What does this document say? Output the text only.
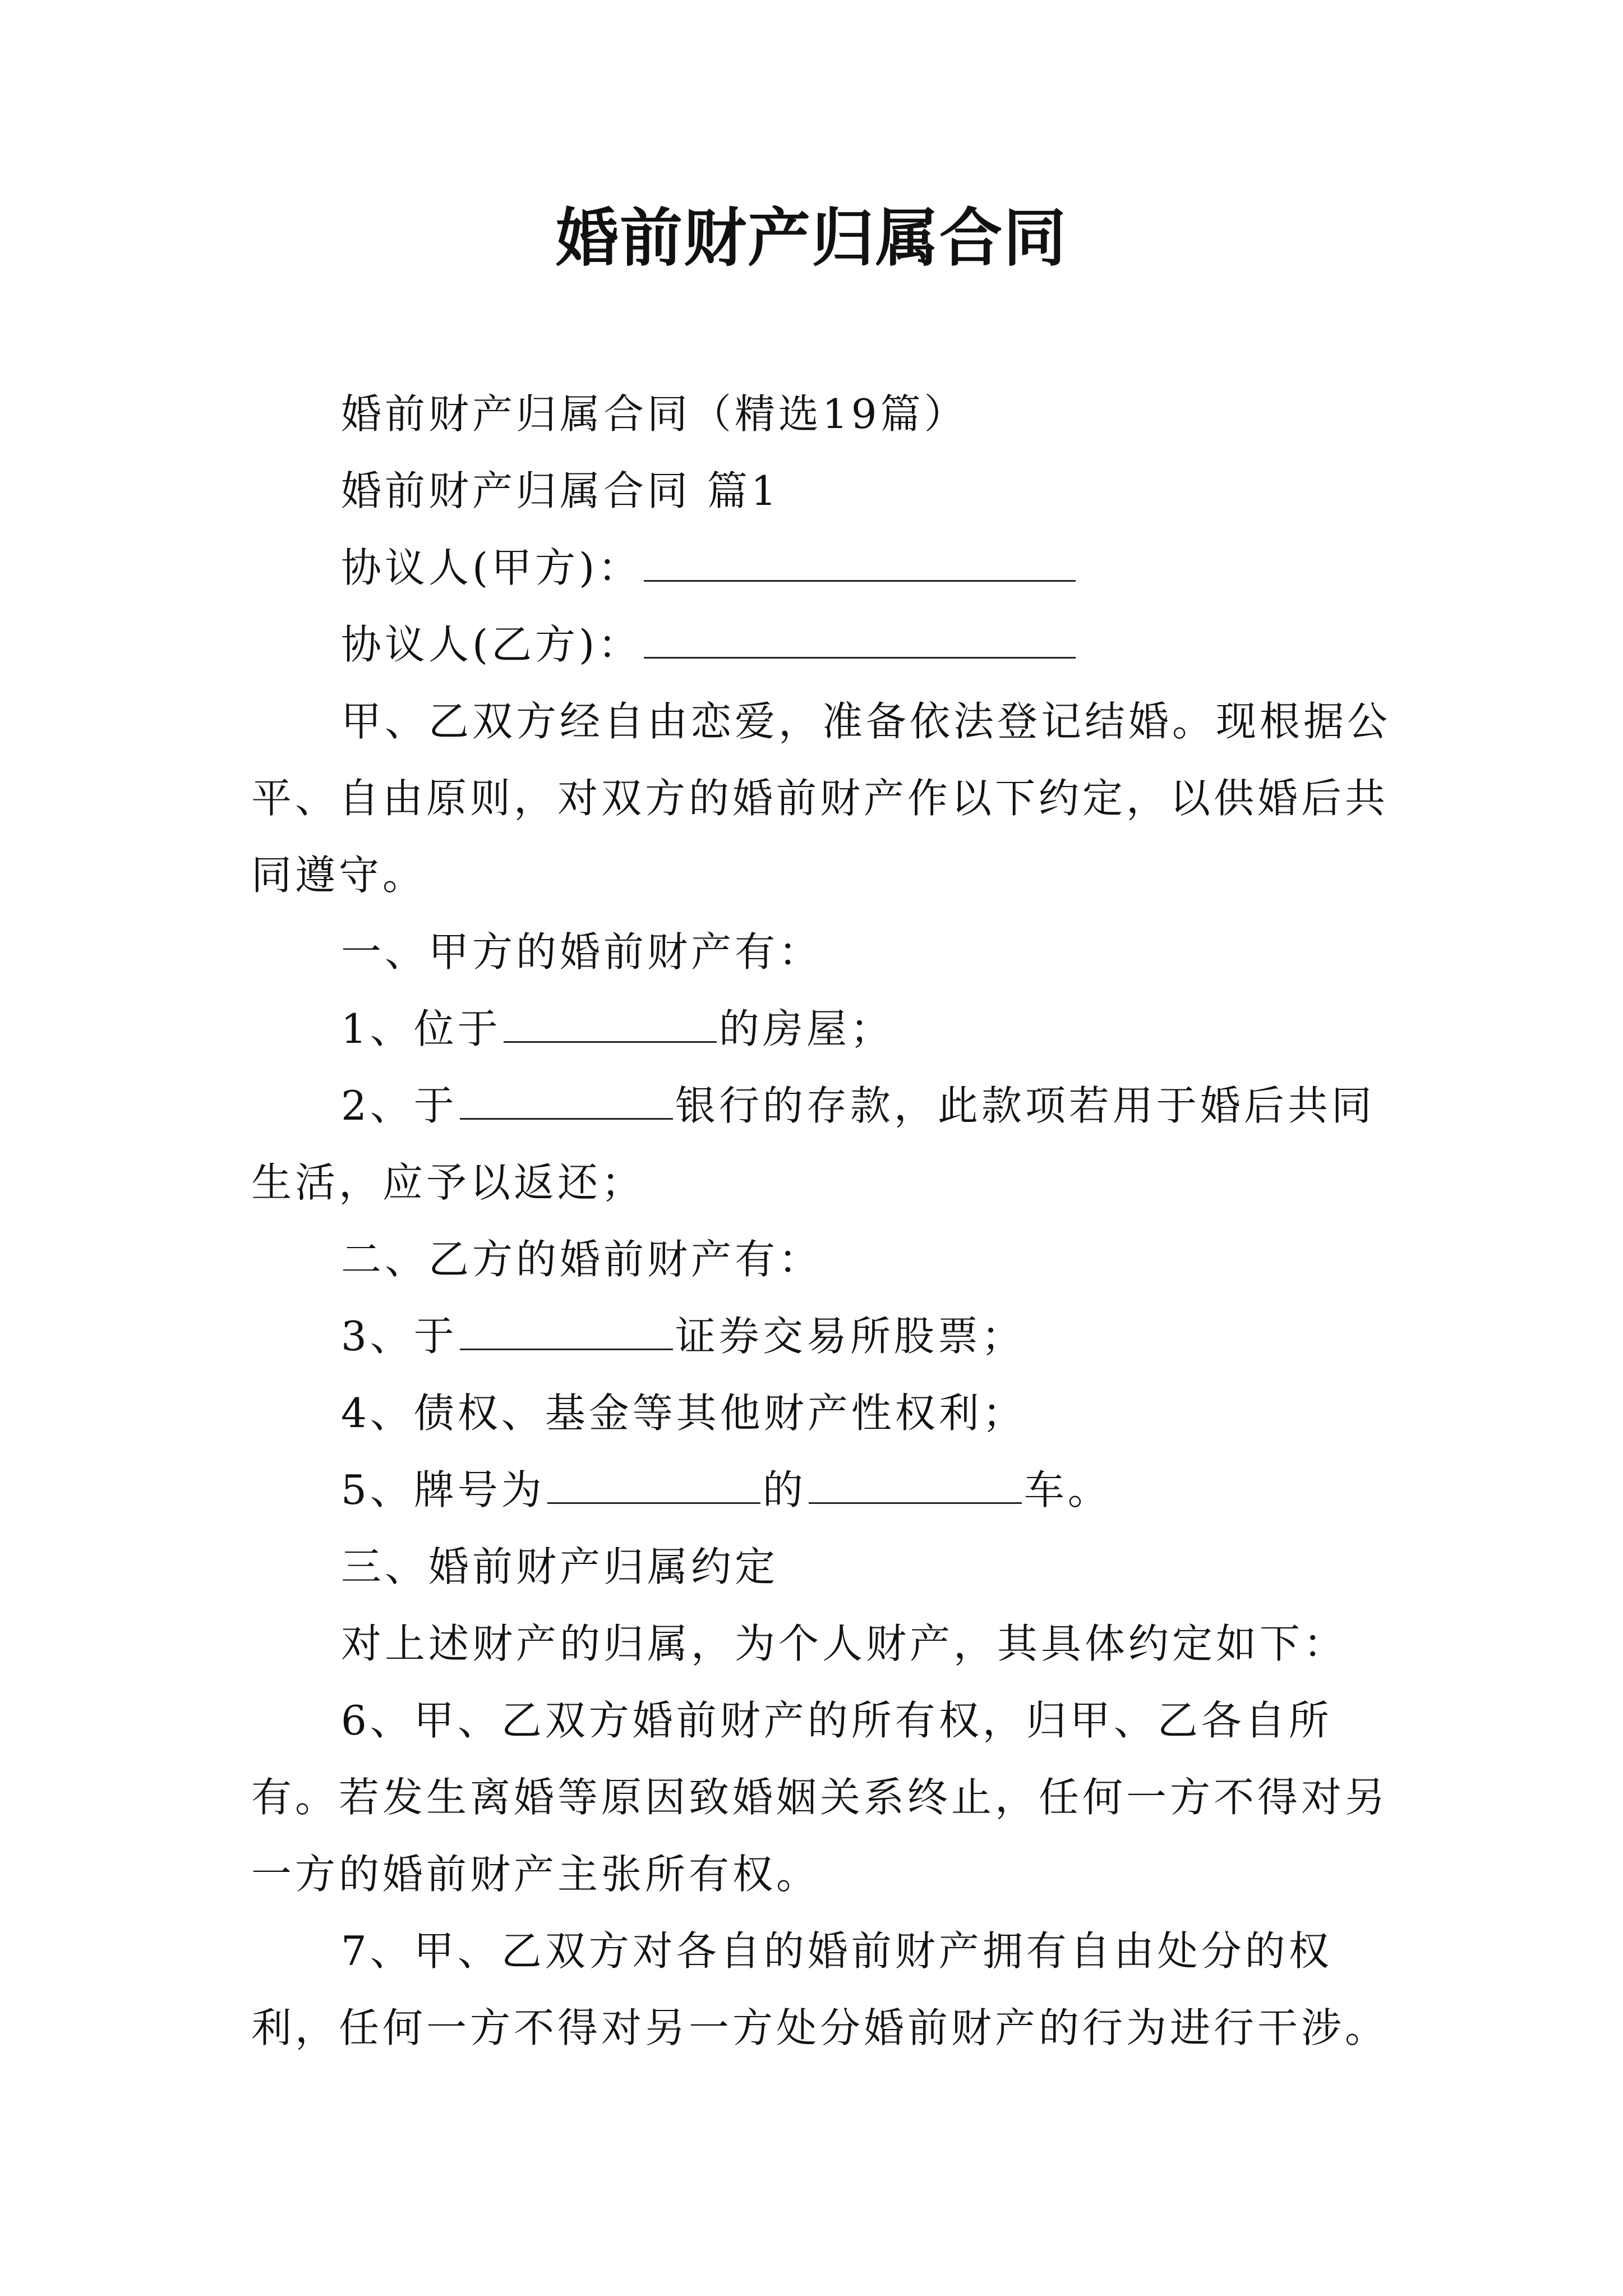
婚前财产归属合同

婚前财产归属合同（精选19篇）

婚前财产归属合同 篇1

协议人(甲方)：

协议人(乙方)：

甲、乙双方经自由恋爱，准备依法登记结婚。现根据公平、自由原则，对双方的婚前财产作以下约定，以供婚后共同遵守。

一、甲方的婚前财产有：

1、位于	的房屋；

2、于	银行的存款，此款项若用于婚后共同生活，应予以返还；

二、乙方的婚前财产有：

3、于	证券交易所股票；

4、债权、基金等其他财产性权利；

5、牌号为	的	车。

三、婚前财产归属约定

对上述财产的归属，为个人财产，其具体约定如下：

6、甲、乙双方婚前财产的所有权，归甲、乙各自所有。若发生离婚等原因致婚姻关系终止，任何一方不得对另一方的婚前财产主张所有权。

7、甲、乙双方对各自的婚前财产拥有自由处分的权利，任何一方不得对另一方处分婚前财产的行为进行干涉。
